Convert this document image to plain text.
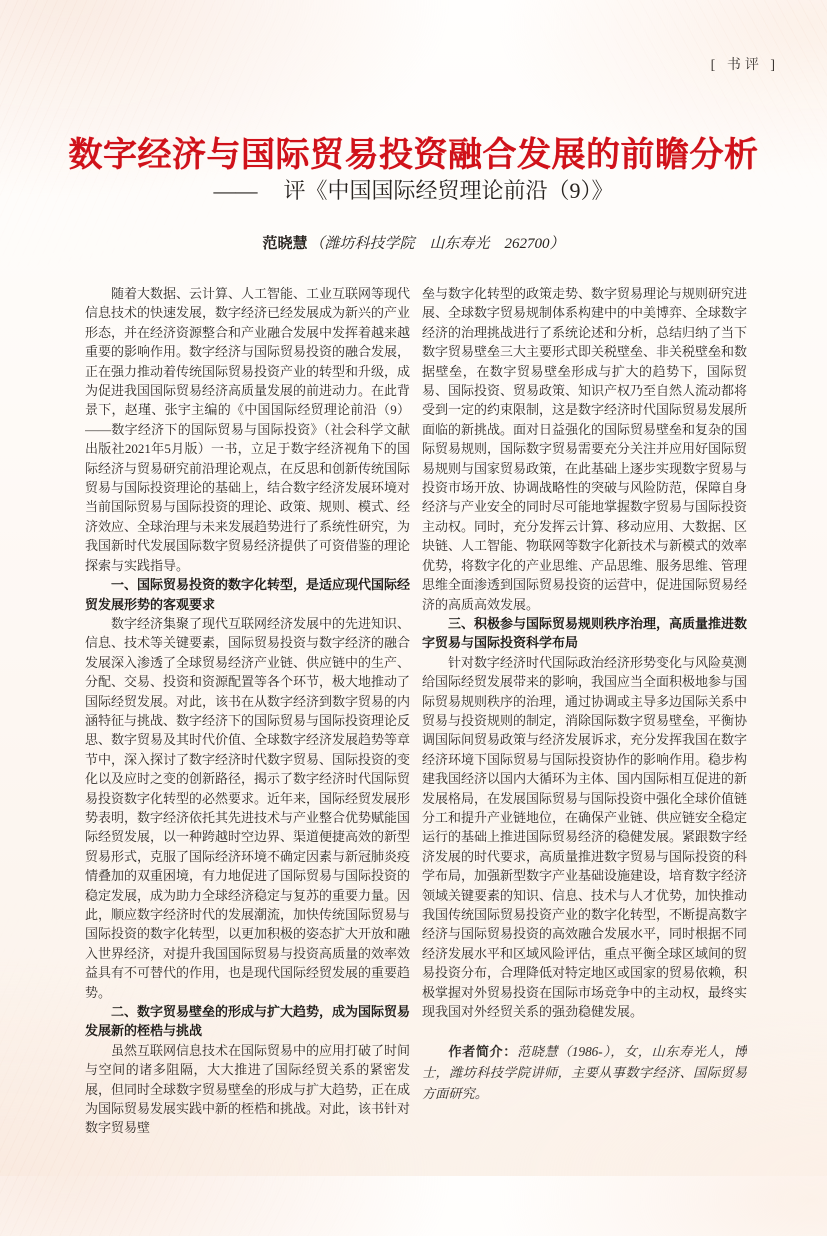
[ 书评 ]
数字经济与国际贸易投资融合发展的前瞻分析
—— 评《中国国际经贸理论前沿（9）》
范晓慧 （潍坊科技学院　山东寿光　262700）

随着大数据、云计算、人工智能、工业互联网等现代信息技术的快速发展，数字经济已经发展成为新兴的产业形态，并在经济资源整合和产业融合发展中发挥着越来越重要的影响作用。数字经济与国际贸易投资的融合发展，正在强力推动着传统国际贸易投资产业的转型和升级，成为促进我国国际贸易经济高质量发展的前进动力。在此背景下，赵瑾、张宇主编的《中国国际经贸理论前沿（9）——数字经济下的国际贸易与国际投资》（社会科学文献出版社2021年5月版）一书，立足于数字经济视角下的国际经济与贸易研究前沿理论观点，在反思和创新传统国际贸易与国际投资理论的基础上，结合数字经济发展环境对当前国际贸易与国际投资的理论、政策、规则、模式、经济效应、全球治理与未来发展趋势进行了系统性研究，为我国新时代发展国际数字贸易经济提供了可资借鉴的理论探索与实践指导。

一、国际贸易投资的数字化转型，是适应现代国际经贸发展形势的客观要求

数字经济集聚了现代互联网经济发展中的先进知识、信息、技术等关键要素，国际贸易投资与数字经济的融合发展深入渗透了全球贸易经济产业链、供应链中的生产、分配、交易、投资和资源配置等各个环节，极大地推动了国际经贸发展。对此，该书在从数字经济到数字贸易的内涵特征与挑战、数字经济下的国际贸易与国际投资理论反思、数字贸易及其时代价值、全球数字经济发展趋势等章节中，深入探讨了数字经济时代数字贸易、国际投资的变化以及应时之变的创新路径，揭示了数字经济时代国际贸易投资数字化转型的必然要求。近年来，国际经贸发展形势表明，数字经济依托其先进技术与产业整合优势赋能国际经贸发展，以一种跨越时空边界、渠道便捷高效的新型贸易形式，克服了国际经济环境不确定因素与新冠肺炎疫情叠加的双重困境，有力地促进了国际贸易与国际投资的稳定发展，成为助力全球经济稳定与复苏的重要力量。因此，顺应数字经济时代的发展潮流，加快传统国际贸易与国际投资的数字化转型，以更加积极的姿态扩大开放和融入世界经济，对提升我国国际贸易与投资高质量的效率效益具有不可替代的作用，也是现代国际经贸发展的重要趋势。

二、数字贸易壁垒的形成与扩大趋势，成为国际贸易发展新的桎梏与挑战

虽然互联网信息技术在国际贸易中的应用打破了时间与空间的诸多阻隔，大大推进了国际经贸关系的紧密发展，但同时全球数字贸易壁垒的形成与扩大趋势，正在成为国际贸易发展实践中新的桎梏和挑战。对此，该书针对数字贸易壁

垒与数字化转型的政策走势、数字贸易理论与规则研究进展、全球数字贸易规制体系构建中的中美博弈、全球数字经济的治理挑战进行了系统论述和分析，总结归纳了当下数字贸易壁垒三大主要形式即关税壁垒、非关税壁垒和数据壁垒，在数字贸易壁垒形成与扩大的趋势下，国际贸易、国际投资、贸易政策、知识产权乃至自然人流动都将受到一定的约束限制，这是数字经济时代国际贸易发展所面临的新挑战。面对日益强化的国际贸易壁垒和复杂的国际贸易规则，国际数字贸易需要充分关注并应用好国际贸易规则与国家贸易政策，在此基础上逐步实现数字贸易与投资市场开放、协调战略性的突破与风险防范，保障自身经济与产业安全的同时尽可能地掌握数字贸易与国际投资主动权。同时，充分发挥云计算、移动应用、大数据、区块链、人工智能、物联网等数字化新技术与新模式的效率优势，将数字化的产业思维、产品思维、服务思维、管理思维全面渗透到国际贸易投资的运营中，促进国际贸易经济的高质高效发展。

三、积极参与国际贸易规则秩序治理，高质量推进数字贸易与国际投资科学布局

针对数字经济时代国际政治经济形势变化与风险莫测给国际经贸发展带来的影响，我国应当全面积极地参与国际贸易规则秩序的治理，通过协调或主导多边国际关系中贸易与投资规则的制定，消除国际数字贸易壁垒，平衡协调国际间贸易政策与经济发展诉求，充分发挥我国在数字经济环境下国际贸易与国际投资协作的影响作用。稳步构建我国经济以国内大循环为主体、国内国际相互促进的新发展格局，在发展国际贸易与国际投资中强化全球价值链分工和提升产业链地位，在确保产业链、供应链安全稳定运行的基础上推进国际贸易经济的稳健发展。紧跟数字经济发展的时代要求，高质量推进数字贸易与国际投资的科学布局，加强新型数字产业基础设施建设，培育数字经济领域关键要素的知识、信息、技术与人才优势，加快推动我国传统国际贸易投资产业的数字化转型，不断提高数字经济与国际贸易投资的高效融合发展水平，同时根据不同经济发展水平和区域风险评估，重点平衡全球区域间的贸易投资分布，合理降低对特定地区或国家的贸易依赖，积极掌握对外贸易投资在国际市场竞争中的主动权，最终实现我国对外经贸关系的强劲稳健发展。

作者简介：范晓慧（1986-），女，山东寿光人，博士，潍坊科技学院讲师，主要从事数字经济、国际贸易方面研究。
